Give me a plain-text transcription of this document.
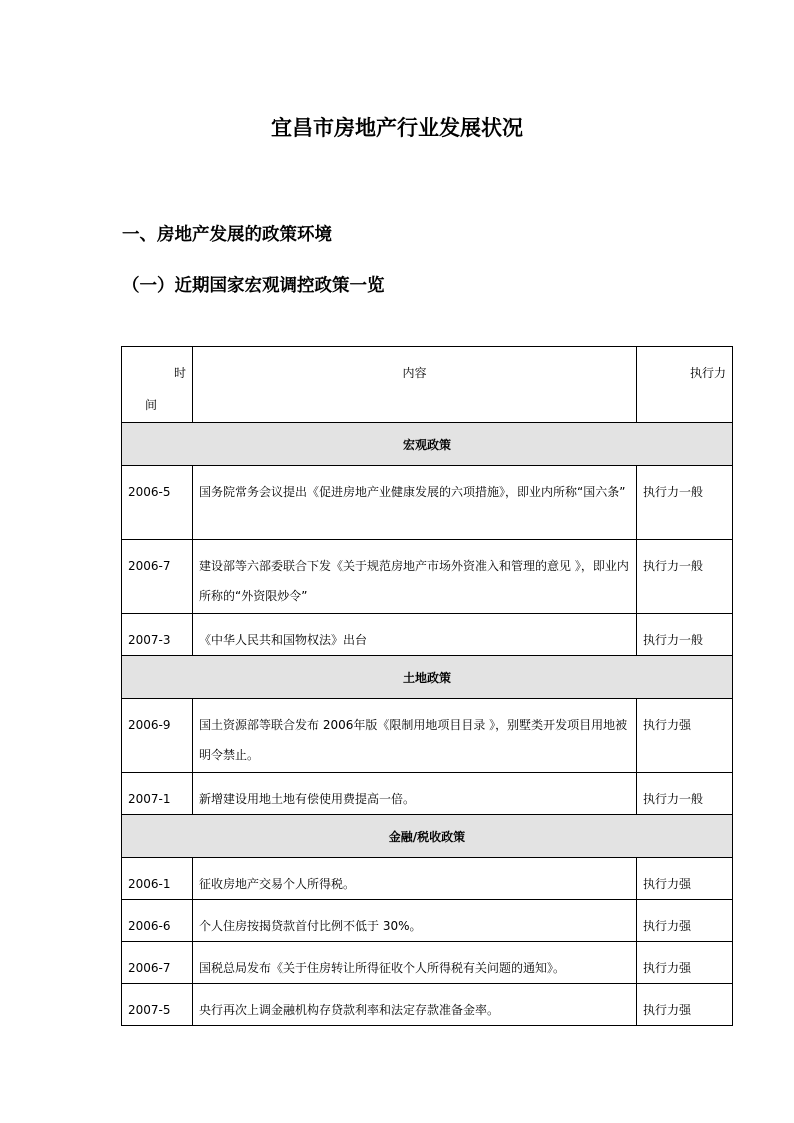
宜昌市房地产行业发展状况
一、房地产发展的政策环境
（一）近期国家宏观调控政策一览
时
间	内容	执行力
宏观政策		
2006-5	国务院常务会议提出《促进房地产业健康发展的六项措施》，即业内所称“国六条”	执行力一般
2006-7	建设部等六部委联合下发《关于规范房地产市场外资准入和管理的意见 》，即业内所称的“外资限炒令”	执行力一般
2007-3	《中华人民共和国物权法》出台	执行力一般
土地政策		
2006-9	国土资源部等联合发布 2006年版《限制用地项目目录 》，别墅类开发项目用地被明令禁止。	执行力强
2007-1	新增建设用地土地有偿使用费提高一倍。	执行力一般
金融/税收政策		
2006-1	征收房地产交易个人所得税。	执行力强
2006-6	个人住房按揭贷款首付比例不低于 30%。	执行力强
2006-7	国税总局发布《关于住房转让所得征收个人所得税有关问题的通知》。	执行力强
2007-5	央行再次上调金融机构存贷款利率和法定存款准备金率。	执行力强
